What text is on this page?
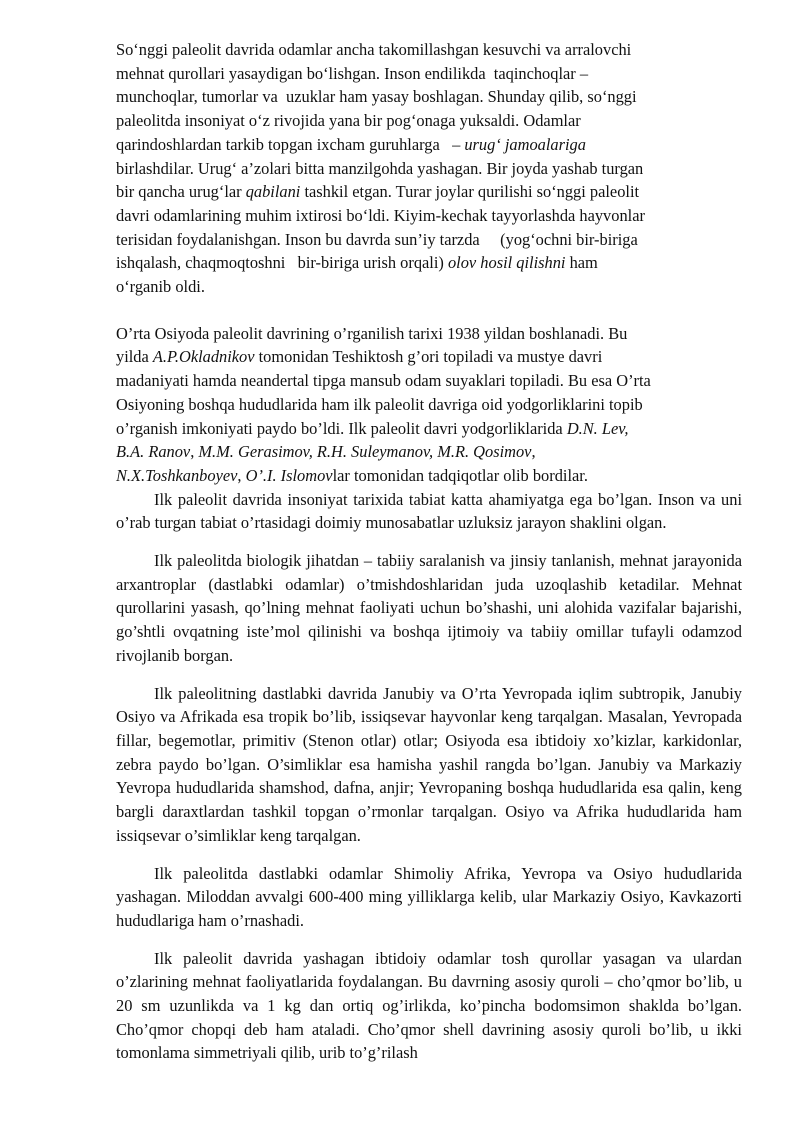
So‘nggi paleolit davrida odamlar ancha takomillashgan kesuvchi va arralovchi
mehnat qurollari yasaydigan bo‘lishgan. Inson endilikda  taqinchoqlar –
munchoqlar, tumorlar va  uzuklar ham yasay boshlagan. Shunday qilib, so‘nggi
paleolitda insoniyat o‘z rivojida yana bir pog‘onaga yuksaldi. Odamlar
qarindoshlardan tarkib topgan ixcham guruhlarga   – urug‘ jamoalariga
birlashdilar. Urug‘ a’zolari bitta manzilgohda yashagan. Bir joyda yashab turgan
bir qancha urug‘lar qabilani tashkil etgan. Turar joylar qurilishi so‘nggi paleolit
davri odamlarining muhim ixtirosi bo‘ldi. Kiyim-kechak tayyorlashda hayvonlar
terisidan foydalanishgan. Inson bu davrda sun’iy tarzda     (yog‘ochni bir-biriga
ishqalash, chaqmoqtoshni   bir-biriga urish orqali) olov hosil qilishni ham
o‘rganib oldi.
O’rta Osiyoda paleolit davrining o’rganilish tarixi 1938 yildan boshlanadi. Bu
yilda A.P.Okladnikov tomonidan Teshiktosh g’ori topiladi va mustye davri
madaniyati hamda neandertal tipga mansub odam suyaklari topiladi. Bu esa O’rta
Osiyoning boshqa hududlarida ham ilk paleolit davriga oid yodgorliklarini topib
o’rganish imkoniyati paydo bo’ldi. Ilk paleolit davri yodgorliklarida D.N. Lev,
B.A. Ranov, M.M. Gerasimov, R.H. Suleymanov, M.R. Qosimov,
N.X.Toshkanboyev, O’.I. Islomovlar tomonidan tadqiqotlar olib bordilar.

Ilk paleolit davrida insoniyat tarixida tabiat katta ahamiyatga ega bo’lgan. Inson va uni o’rab turgan tabiat o’rtasidagi doimiy munosabatlar uzluksiz jarayon shaklini olgan.

Ilk paleolitda biologik jihatdan – tabiiy saralanish va jinsiy tanlanish, mehnat jarayonida arxantroplar (dastlabki odamlar) o’tmishdoshlaridan juda uzoqlashib ketadilar. Mehnat qurollarini yasash, qo’lning mehnat faoliyati uchun bo’shashi, uni alohida vazifalar bajarishi, go’shtli ovqatning iste’mol qilinishi va boshqa ijtimoiy va tabiiy omillar tufayli odamzod rivojlanib borgan.

Ilk paleolitning dastlabki davrida Janubiy va O’rta Yevropada iqlim subtropik, Janubiy Osiyo va Afrikada esa tropik bo’lib, issiqsevar hayvonlar keng tarqalgan. Masalan, Yevropada fillar, begemotlar, primitiv (Stenon otlar) otlar; Osiyoda esa ibtidoiy xo’kizlar, karkidonlar, zebra paydo bo’lgan. O’simliklar esa hamisha yashil rangda bo’lgan. Janubiy va Markaziy Yevropa hududlarida shamshod, dafna, anjir; Yevropaning boshqa hududlarida esa qalin, keng bargli daraxtlardan tashkil topgan o’rmonlar tarqalgan. Osiyo va Afrika hududlarida ham issiqsevar o’simliklar keng tarqalgan.

Ilk paleolitda dastlabki odamlar Shimoliy Afrika, Yevropa va Osiyo hududlarida yashagan. Miloddan avvalgi 600-400 ming yilliklarga kelib, ular Markaziy Osiyo, Kavkazorti hududlariga ham o’rnashadi.

Ilk paleolit davrida yashagan ibtidoiy odamlar tosh qurollar yasagan va ulardan o’zlarining mehnat faoliyatlarida foydalangan. Bu davrning asosiy quroli – cho’qmor bo’lib, u 20 sm uzunlikda va 1 kg dan ortiq og’irlikda, ko’pincha bodomsimon shaklda bo’lgan. Cho’qmor chopqi deb ham ataladi. Cho’qmor shell davrining asosiy quroli bo’lib, u ikki tomonlama simmetriyali qilib, urib to’g’rilash
